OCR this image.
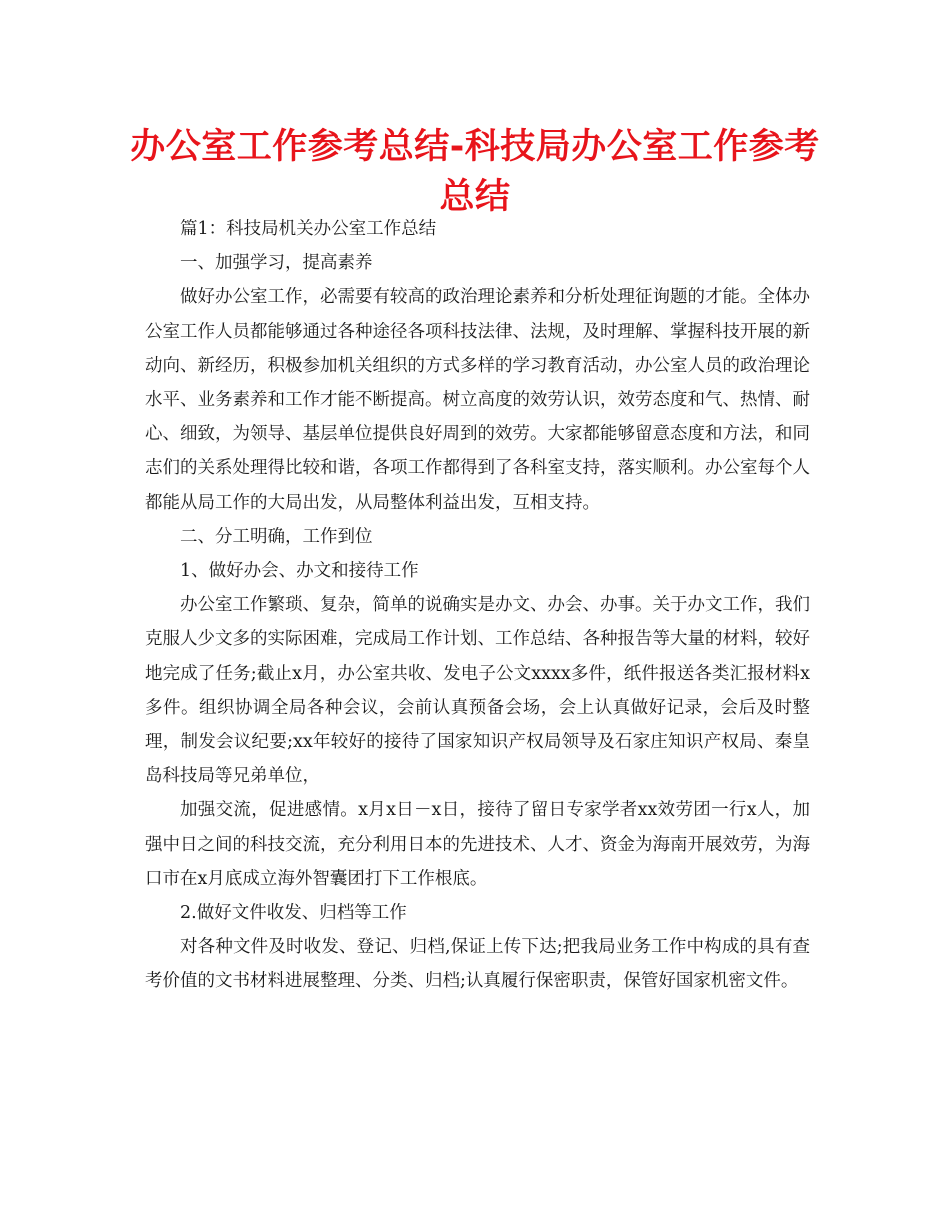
办公室工作参考总结-科技局办公室工作参考总结

篇1：科技局机关办公室工作总结

一、加强学习，提高素养

做好办公室工作，必需要有较高的政治理论素养和分析处理征询题的才能。全体办公室工作人员都能够通过各种途径各项科技法律、法规，及时理解、掌握科技开展的新动向、新经历，积极参加机关组织的方式多样的学习教育活动，办公室人员的政治理论水平、业务素养和工作才能不断提高。树立高度的效劳认识，效劳态度和气、热情、耐心、细致，为领导、基层单位提供良好周到的效劳。大家都能够留意态度和方法，和同志们的关系处理得比较和谐，各项工作都得到了各科室支持，落实顺利。办公室每个人都能从局工作的大局出发，从局整体利益出发，互相支持。

二、分工明确，工作到位

1、做好办会、办文和接待工作

办公室工作繁琐、复杂，简单的说确实是办文、办会、办事。关于办文工作，我们克服人少文多的实际困难，完成局工作计划、工作总结、各种报告等大量的材料，较好地完成了任务;截止x月，办公室共收、发电子公文xxxx多件，纸件报送各类汇报材料x多件。组织协调全局各种会议，会前认真预备会场，会上认真做好记录，会后及时整理，制发会议纪要;xx年较好的接待了国家知识产权局领导及石家庄知识产权局、秦皇岛科技局等兄弟单位，

加强交流，促进感情。x月x日－x日，接待了留日专家学者xx效劳团一行x人，加强中日之间的科技交流，充分利用日本的先进技术、人才、资金为海南开展效劳，为海口市在x月底成立海外智囊团打下工作根底。

2.做好文件收发、归档等工作

对各种文件及时收发、登记、归档,保证上传下达;把我局业务工作中构成的具有查考价值的文书材料进展整理、分类、归档;认真履行保密职责，保管好国家机密文件。
